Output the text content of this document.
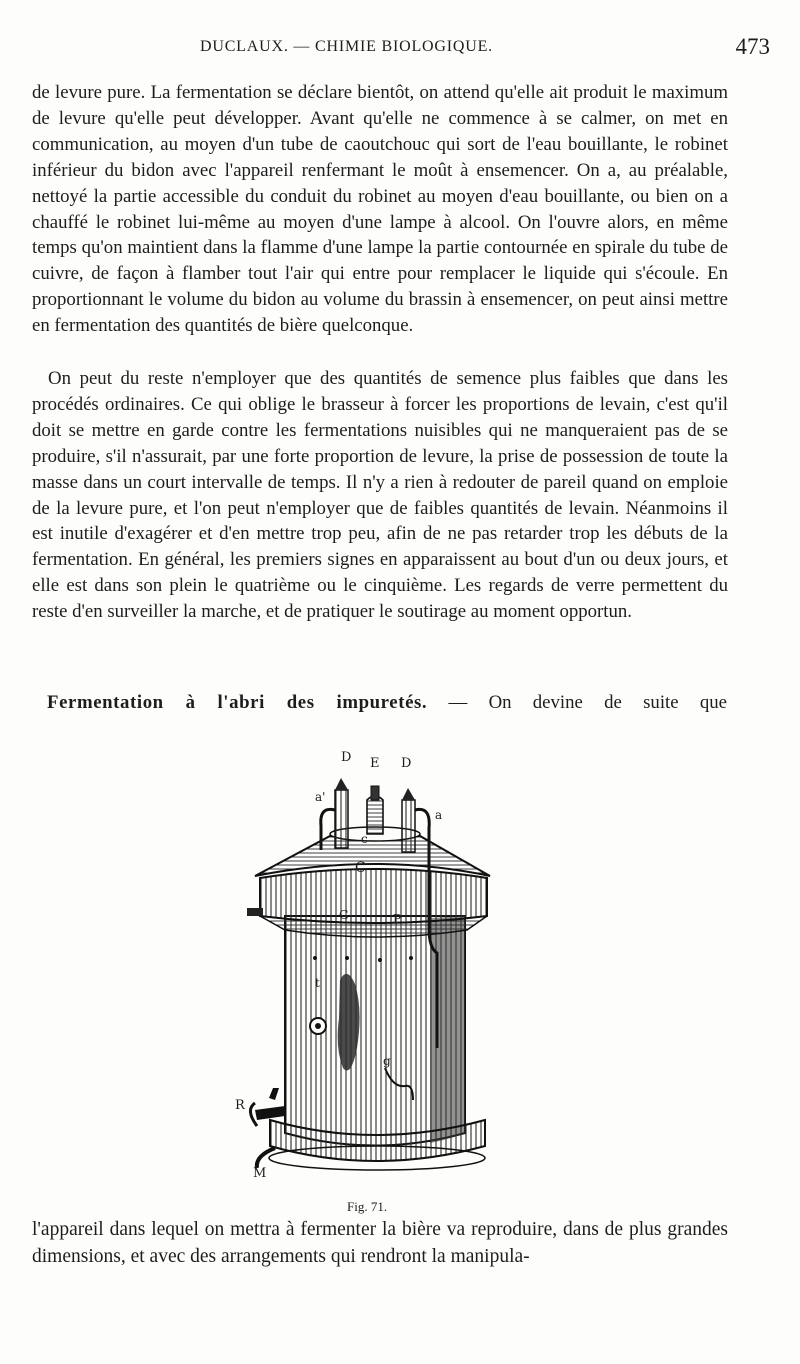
DUCLAUX. — CHIMIE BIOLOGIQUE.	473

de levure pure. La fermentation se déclare bientôt, on attend qu'elle ait produit le maximum de levure qu'elle peut développer. Avant qu'elle ne commence à se calmer, on met en communication, au moyen d'un tube de caoutchouc qui sort de l'eau bouillante, le robinet inférieur du bidon avec l'appareil renfermant le moût à ensemencer. On a, au préalable, nettoyé la partie accessible du conduit du robinet au moyen d'eau bouillante, ou bien on a chauffé le robinet lui-même au moyen d'une lampe à alcool. On l'ouvre alors, en même temps qu'on maintient dans la flamme d'une lampe la partie contournée en spirale du tube de cuivre, de façon à flamber tout l'air qui entre pour remplacer le liquide qui s'écoule. En proportionnant le volume du bidon au volume du brassin à ensemencer, on peut ainsi mettre en fermentation des quantités de bière quelconque.

On peut du reste n'employer que des quantités de semence plus faibles que dans les procédés ordinaires. Ce qui oblige le brasseur à forcer les proportions de levain, c'est qu'il doit se mettre en garde contre les fermentations nuisibles qui ne manqueraient pas de se produire, s'il n'assurait, par une forte proportion de levure, la prise de possession de toute la masse dans un court intervalle de temps. Il n'y a rien à redouter de pareil quand on emploie de la levure pure, et l'on peut n'employer que de faibles quantités de levain. Néanmoins il est inutile d'exagérer et d'en mettre trop peu, afin de ne pas retarder trop les débuts de la fermentation. En général, les premiers signes en apparaissent au bout d'un ou deux jours, et elle est dans son plein le quatrième ou le cinquième. Les regards de verre permettent du reste d'en surveiller la marche, et de pratiquer le soutirage au moment opportun.

Fermentation à l'abri des impuretés. — On devine de suite que
D E D
a'
a
c
C
G	P
t
g
R
M
Fig. 71.

l'appareil dans lequel on mettra à fermenter la bière va reproduire, dans de plus grandes dimensions, et avec des arrangements qui rendront la manipula-
